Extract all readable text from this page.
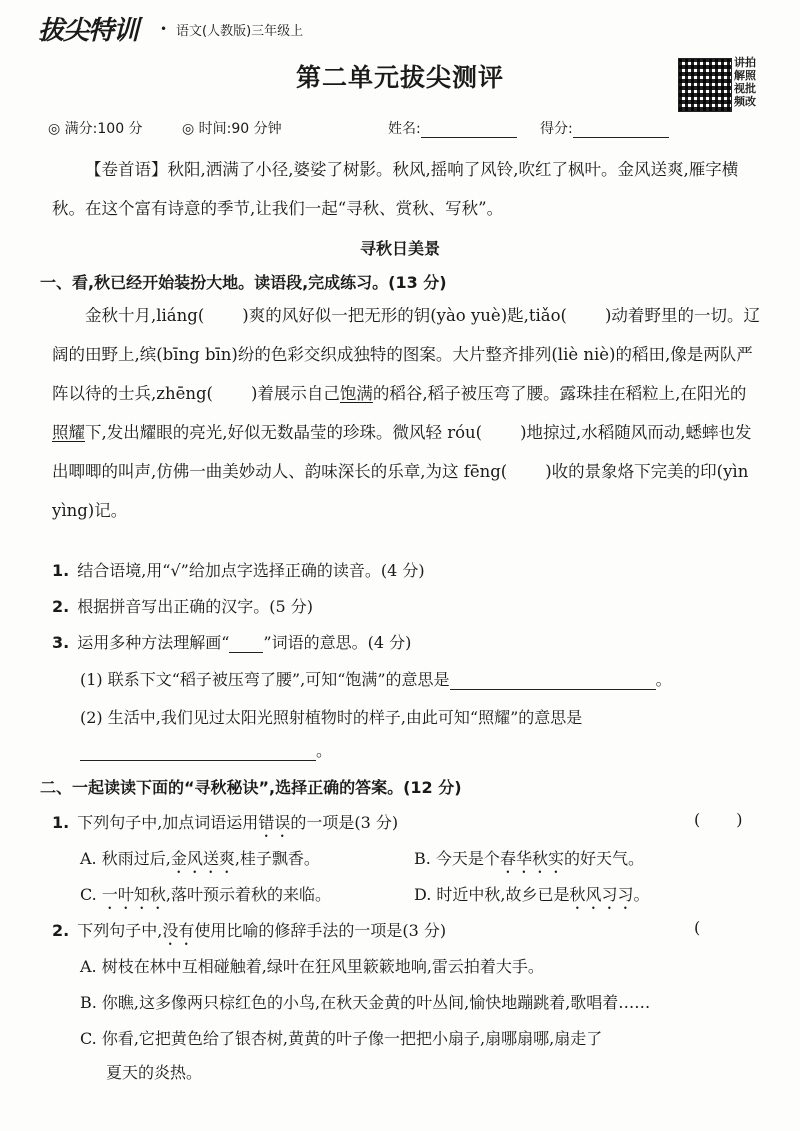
拔尖特训 • 语文(人教版)三年级上
第二单元拔尖测评
讲拍解照视批频改
◎ 满分:100 分	◎ 时间:90 分钟	姓名:	得分:
【卷首语】秋阳,洒满了小径,婆娑了树影。秋风,摇响了风铃,吹红了枫叶。金风送爽,雁字横秋。在这个富有诗意的季节,让我们一起“寻秋、赏秋、写秋”。
寻秋日美景
一、看,秋已经开始装扮大地。读语段,完成练习。(13 分)
金秋十月,liáng( )爽的风好似一把无形的钥(yào yuè)匙,tiǎo( )动着野里的一切。辽阔的田野上,缤(bīng bīn)纷的色彩交织成独特的图案。大片整齐排列(liè niè)的稻田,像是两队严阵以待的士兵,zhēng( )着展示自己饱满的稻谷,稻子被压弯了腰。露珠挂在稻粒上,在阳光的照耀下,发出耀眼的亮光,好似无数晶莹的珍珠。微风轻 róu( )地掠过,水稻随风而动,蟋蟀也发出唧唧的叫声,仿佛一曲美妙动人、韵味深长的乐章,为这 fēng( )收的景象烙下完美的印(yìn yìng)记。
1. 结合语境,用“√”给加点字选择正确的读音。(4 分)
2. 根据拼音写出正确的汉字。(5 分)
3. 运用多种方法理解画“ ”词语的意思。(4 分)
(1) 联系下文“稻子被压弯了腰”,可知“饱满”的意思是	。
(2) 生活中,我们见过太阳光照射植物时的样子,由此可知“照耀”的意思是
。
二、一起读读下面的“寻秋秘诀”,选择正确的答案。(12 分)
1. 下列句子中,加点词语运用错误的一项是(3 分)	( )
A. 秋雨过后,金风送爽,桂子飘香。	B. 今天是个春华秋实的好天气。
C. 一叶知秋,落叶预示着秋的来临。	D. 时近中秋,故乡已是秋风习习。
2. 下列句子中,没有使用比喻的修辞手法的一项是(3 分)	(
A. 树枝在林中互相碰触着,绿叶在狂风里簌簌地响,雷云拍着大手。
B. 你瞧,这多像两只棕红色的小鸟,在秋天金黄的叶丛间,愉快地蹦跳着,歌唱着……
C. 你看,它把黄色给了银杏树,黄黄的叶子像一把把小扇子,扇哪扇哪,扇走了
夏天的炎热。
